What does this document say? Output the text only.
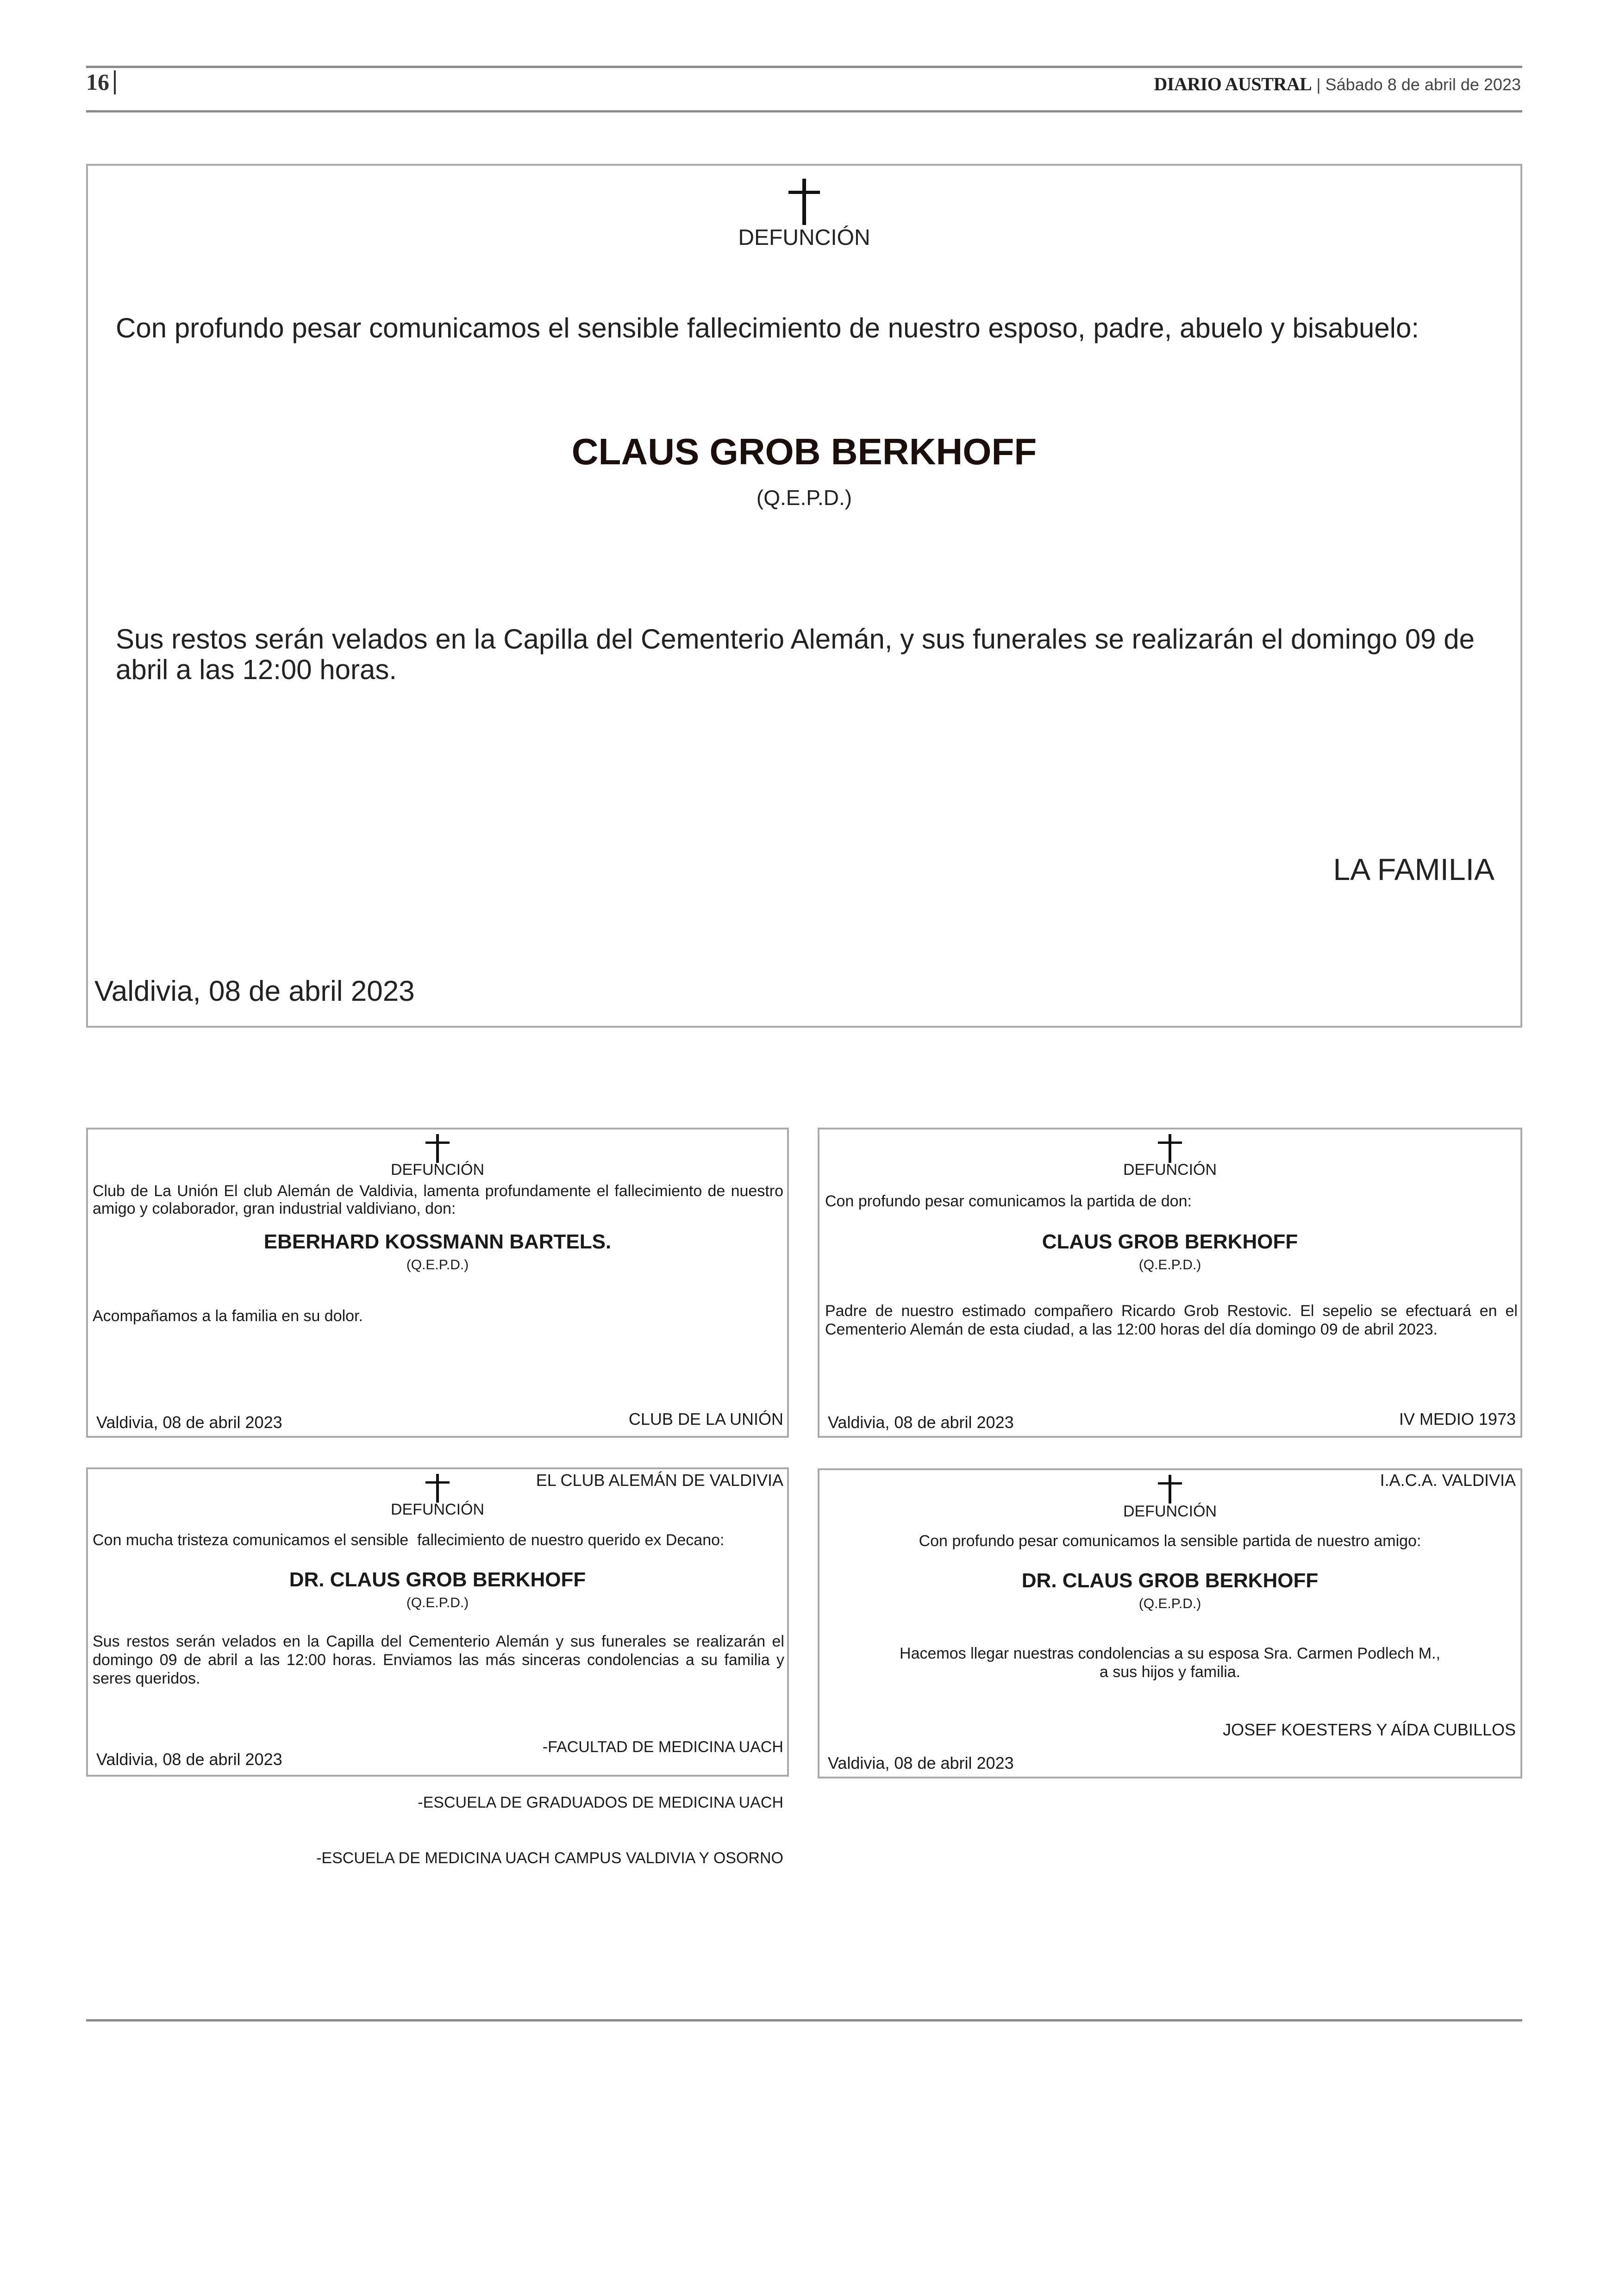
16	DIARIO AUSTRAL | Sábado 8 de abril de 2023
DEFUNCIÓN
Con profundo pesar comunicamos el sensible fallecimiento de nuestro esposo, padre, abuelo y bisabuelo:
CLAUS GROB BERKHOFF
(Q.E.P.D.)
Sus restos serán velados en la Capilla del Cementerio Alemán, y sus funerales se realizarán el domingo 09 de abril a las 12:00 horas.
LA FAMILIA
Valdivia, 08 de abril 2023
DEFUNCIÓN
Club de La Unión El club Alemán de Valdivia, lamenta profundamente el fallecimiento de nuestro amigo y colaborador, gran industrial valdiviano, don:
EBERHARD KOSSMANN BARTELS.
(Q.E.P.D.)
Acompañamos a la familia en su dolor.

CLUB DE LA UNIÓN

EL CLUB ALEMÁN DE VALDIVIA

Valdivia, 08 de abril 2023
DEFUNCIÓN
Con profundo pesar comunicamos la partida de don:
CLAUS GROB BERKHOFF
(Q.E.P.D.)
Padre de nuestro estimado compañero Ricardo Grob Restovic. El sepelio se efectuará en el Cementerio Alemán de esta ciudad, a las 12:00 horas del día domingo 09 de abril 2023.

IV MEDIO 1973

I.A.C.A. VALDIVIA

Valdivia, 08 de abril 2023
DEFUNCIÓN
Con mucha tristeza comunicamos el sensible  fallecimiento de nuestro querido ex Decano:
DR. CLAUS GROB BERKHOFF
(Q.E.P.D.)
Sus restos serán velados en la Capilla del Cementerio Alemán y sus funerales se realizarán el domingo 09 de abril a las 12:00 horas. Enviamos las más sinceras condolencias a su familia y seres queridos.

-FACULTAD DE MEDICINA UACH

-ESCUELA DE GRADUADOS DE MEDICINA UACH

-ESCUELA DE MEDICINA UACH CAMPUS VALDIVIA Y OSORNO

Valdivia, 08 de abril 2023
DEFUNCIÓN
Con profundo pesar comunicamos la sensible partida de nuestro amigo:
DR. CLAUS GROB BERKHOFF
(Q.E.P.D.)
Hacemos llegar nuestras condolencias a su esposa Sra. Carmen Podlech M.,
a sus hijos y familia.
JOSEF KOESTERS Y AÍDA CUBILLOS
Valdivia, 08 de abril 2023
